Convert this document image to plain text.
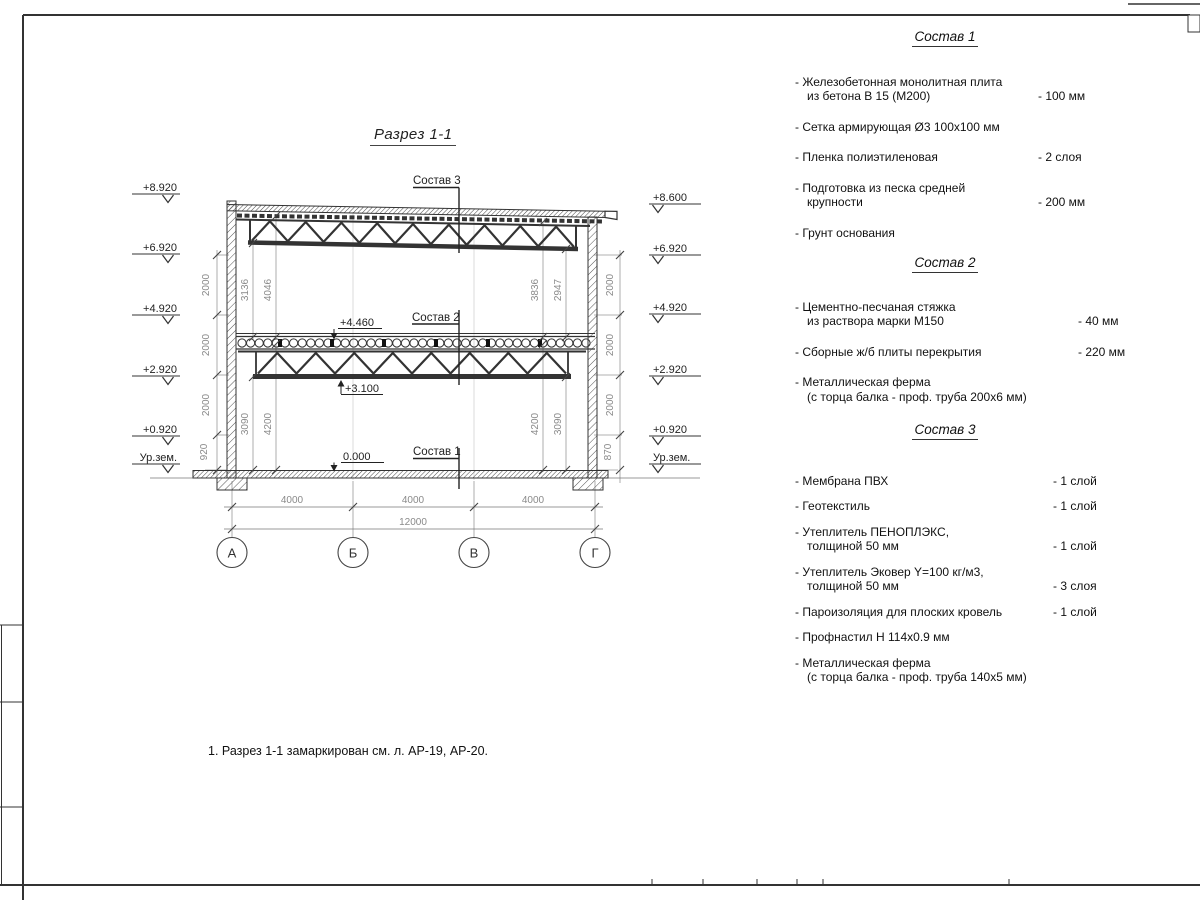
+8.920
+6.920
+4.920
+2.920
+0.920
Ур.зем.
+8.600
+6.920
+4.920
+2.920
+0.920
Ур.зем.
2000
2000
2000
920
2000
2000
2000
870
3136 4046	3836 2947
3090 4200	4200 3090
4000	4000	4000
12000
А	Б	В	Г
Состав 3
Состав 2
Состав 1
+4.460
+3.100
0.000
Разрез 1-1
Состав 1
- Железобетонная монолитная плита
из бетона В 15 (М200)	- 100 мм
- Сетка армирующая Ø3 100х100 мм
- Пленка полиэтиленовая	- 2 слоя
- Подготовка из песка средней
крупности	- 200 мм
- Грунт основания
Состав 2
- Цементно-песчаная стяжка
из раствора марки М150	- 40 мм
- Сборные ж/б плиты перекрытия	- 220 мм
- Металлическая ферма
(с торца балка - проф. труба 200х6 мм)
Состав 3
- Мембрана ПВХ	- 1 слой
- Геотекстиль	- 1 слой
- Утеплитель ПЕНОПЛЭКС,
толщиной 50 мм	- 1 слой
- Утеплитель Эковер Y=100 кг/м3,
толщиной 50 мм	- 3 слоя
- Пароизоляция для плоских кровель	- 1 слой
- Профнастил Н 114х0.9 мм
- Металлическая ферма
(с торца балка - проф. труба 140х5 мм)
1. Разрез 1-1 замаркирован см. л. АР-19, АР-20.
